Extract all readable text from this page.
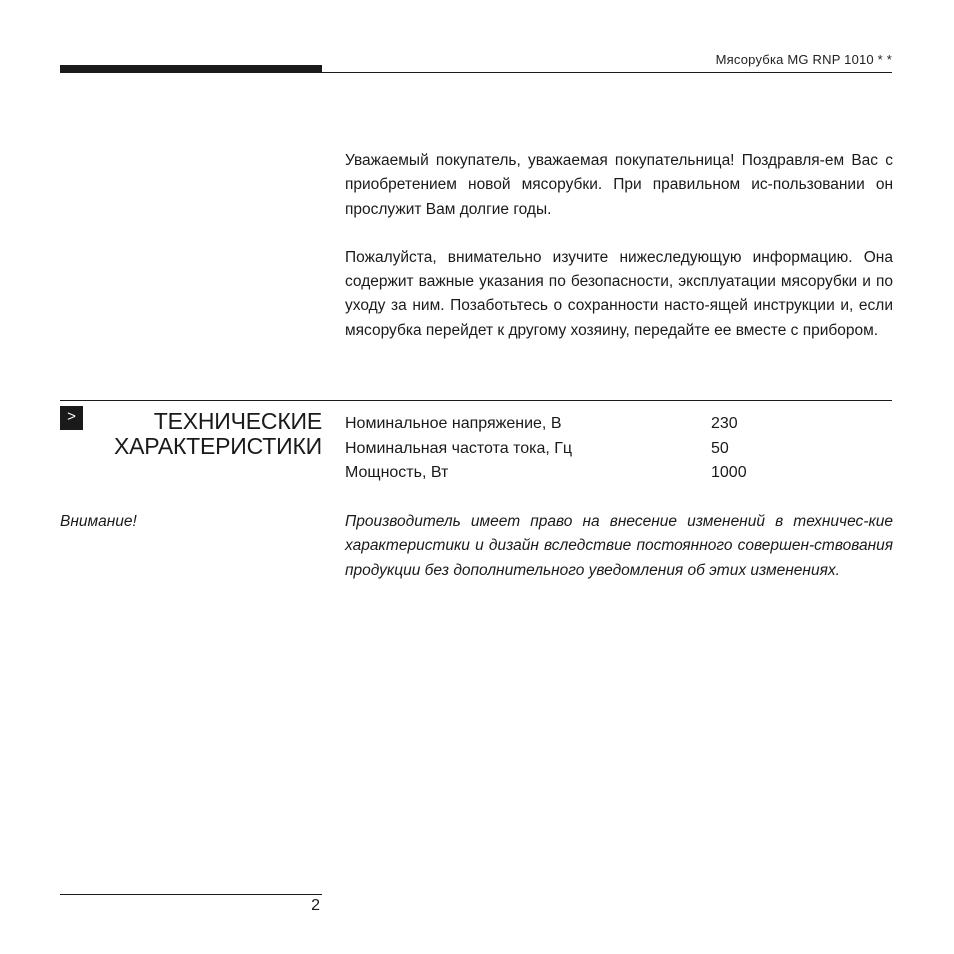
Мясорубка MG RNP 1010 * *

Уважаемый покупатель, уважаемая покупательница! Поздравля-ем Вас с приобретением новой мясорубки. При правильном ис-пользовании он прослужит Вам долгие годы.

Пожалуйста, внимательно изучите нижеследующую информацию. Она содержит важные указания по безопасности, эксплуатации мясорубки и по уходу за ним. Позаботьтесь о сохранности насто-ящей инструкции и, если мясорубка перейдет к другому хозяину, передайте ее вместе с прибором.

>	ТЕХНИЧЕСКИЕ
ХАРАКТЕРИСТИКИ
Номинальное напряжение, В	230
Номинальная частота тока, Гц	50
Мощность, Вт	1000
Внимание!	Производитель имеет право на внесение изменений в техничес-кие характеристики и дизайн вследствие постоянного совершен-ствования продукции без дополнительного уведомления об этих изменениях.
2
